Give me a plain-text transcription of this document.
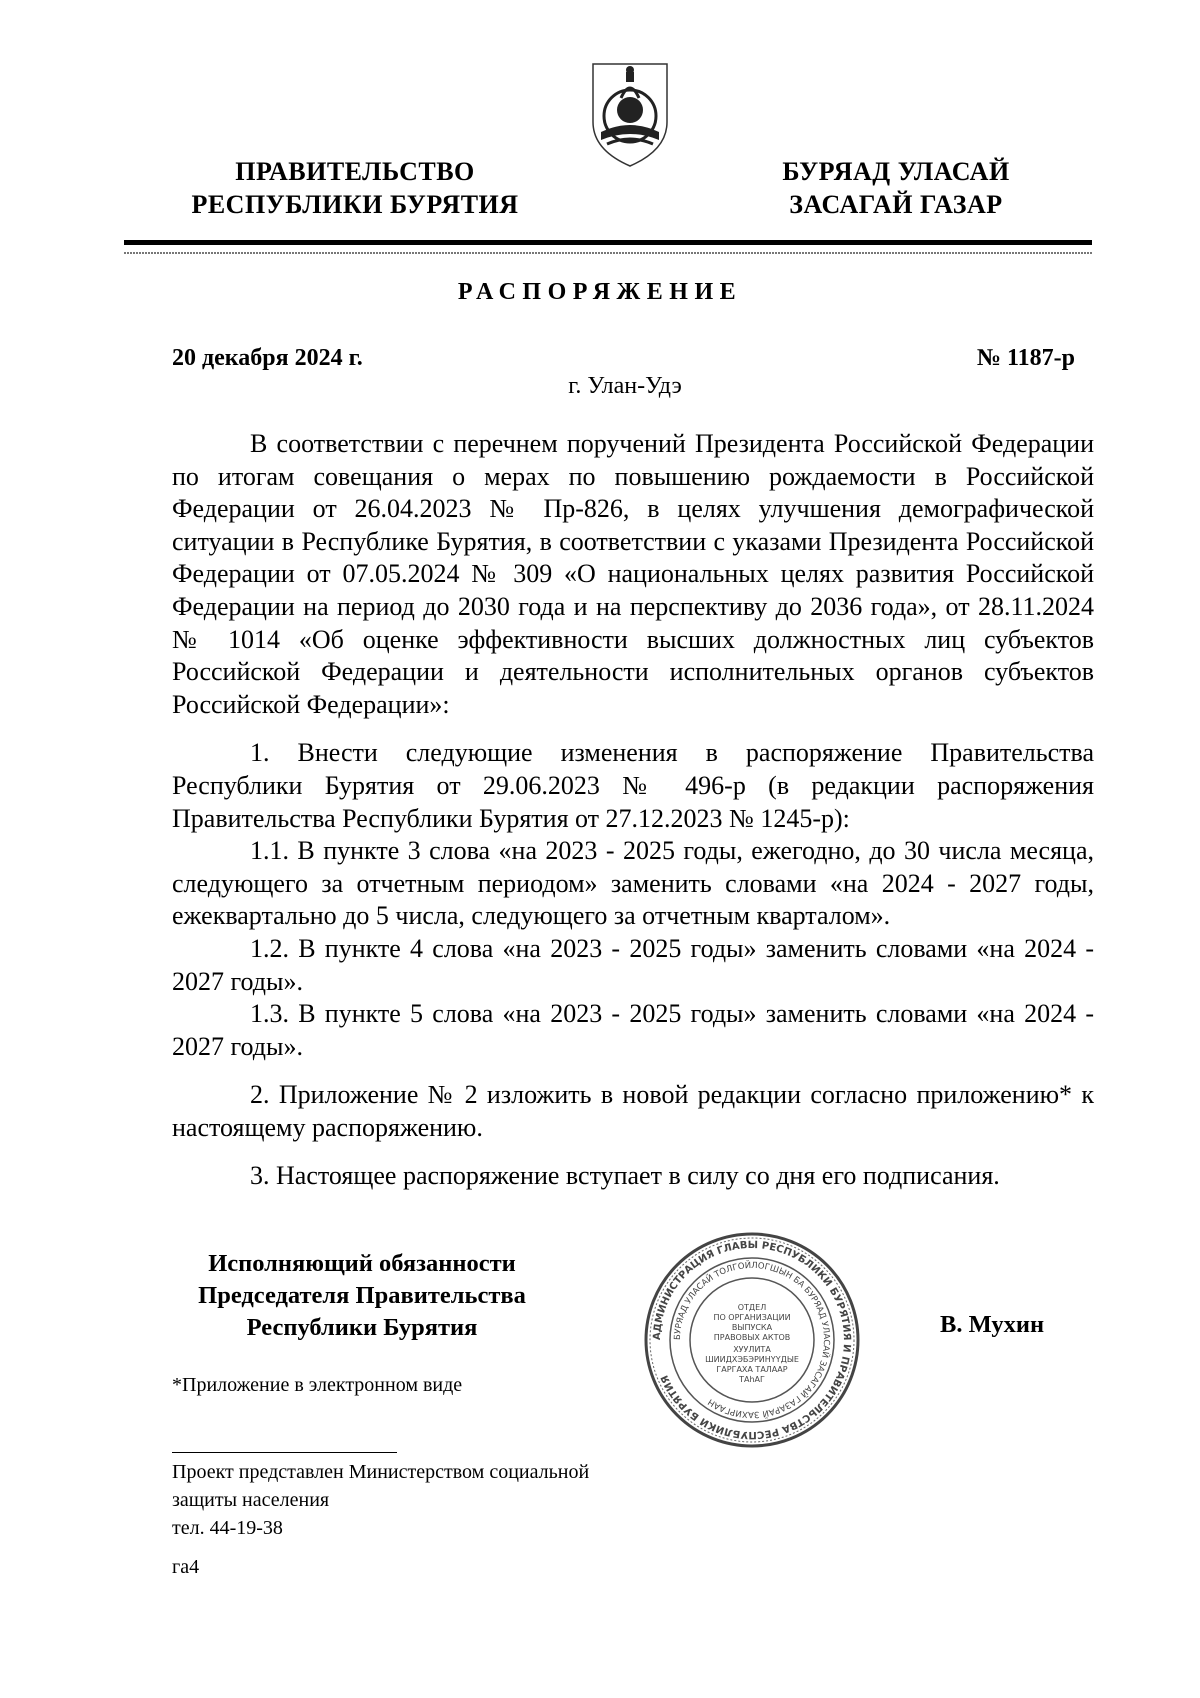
ПРАВИТЕЛЬСТВО
РЕСПУБЛИКИ БУРЯТИЯ
БУРЯАД УЛАСАЙ
ЗАСАГАЙ ГАЗАР
РАСПОРЯЖЕНИЕ
20 декабря 2024 г.	№ 1187-р
г. Улан-Удэ

В соответствии с перечнем поручений Президента Российской Федерации по итогам совещания о мерах по повышению рождаемости в Российской Федерации от 26.04.2023 № Пр-826, в целях улучшения демографической ситуации в Республике Бурятия, в соответствии с указами Президента Российской Федерации от 07.05.2024 № 309 «О национальных целях развития Российской Федерации на период до 2030 года и на перспективу до 2036 года», от 28.11.2024 № 1014 «Об оценке эффективности высших должностных лиц субъектов Российской Федерации и деятельности исполнительных органов субъектов Российской Федерации»:

1. Внести следующие изменения в распоряжение Правительства Республики Бурятия от 29.06.2023 № 496-р (в редакции распоряжения Правительства Республики Бурятия от 27.12.2023 № 1245-р):

1.1. В пункте 3 слова «на 2023 - 2025 годы, ежегодно, до 30 числа месяца, следующего за отчетным периодом» заменить словами «на 2024 - 2027 годы, ежеквартально до 5 числа, следующего за отчетным кварталом».

1.2. В пункте 4 слова «на 2023 - 2025 годы» заменить словами «на 2024 - 2027 годы».

1.3. В пункте 5 слова «на 2023 - 2025 годы» заменить словами «на 2024 - 2027 годы».

2. Приложение № 2 изложить в новой редакции согласно приложению* к настоящему распоряжению.

3. Настоящее распоряжение вступает в силу со дня его подписания.

Исполняющий обязанности
Председателя Правительства
Республики Бурятия	В. Мухин
*Приложение в электронном виде
АДМИНИСТРАЦИЯ ГЛАВЫ РЕСПУБЛИКИ БУРЯТИЯ И ПРАВИТЕЛЬСТВА РЕСПУБЛИКИ БУРЯТИЯ
БУРЯАД УЛАСАЙ ТОЛГОЙЛОГШЫН БА БУРЯАД УЛАСАЙ ЗАСАГАЙ ГАЗАРАЙ ЗАХИРГААН
ОТДЕЛ
ПО ОРГАНИЗАЦИИ
ВЫПУСКА
ПРАВОВЫХ АКТОВ
ХУУЛИТА
ШИИДХЭБЭРИНҮҮДЫЕ
ГАРГАХА ТАЛААР
ТАһАГ
Проект представлен Министерством социальной
защиты населения
тел. 44-19-38
га4
